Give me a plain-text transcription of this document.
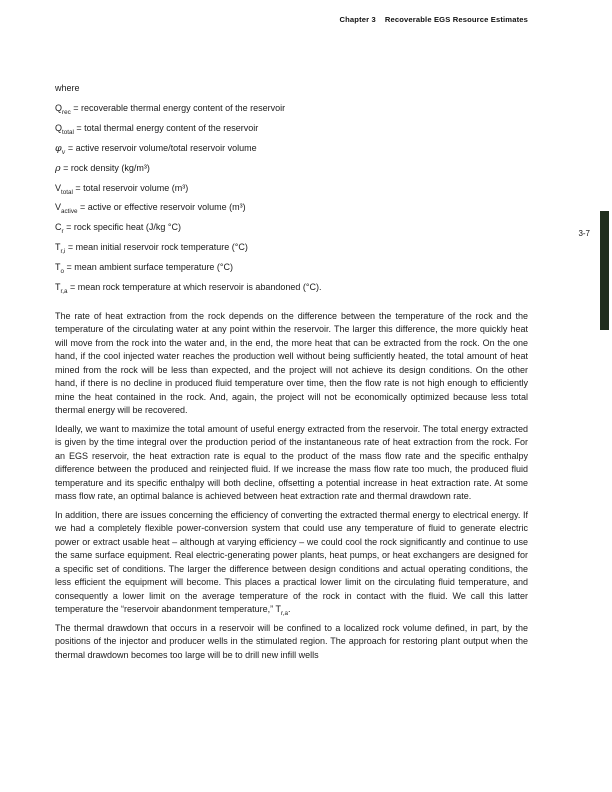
Chapter 3 Recoverable EGS Resource Estimates
3-7
where
$Q_{rec}$ = recoverable thermal energy content of the reservoir
$Q_{total}$ = total thermal energy content of the reservoir
$\varphi_v$ = active reservoir volume/total reservoir volume
ρ = rock density (kg/m³)
$V_{total}$ = total reservoir volume (m³)
$V_{active}$ = active or effective reservoir volume (m³)
$C_r$ = rock specific heat (J/kg °C)
$T_{r,i}$ = mean initial reservoir rock temperature (°C)
$T_o$ = mean ambient surface temperature (°C)
$T_{r,a}$ = mean rock temperature at which reservoir is abandoned (°C).

The rate of heat extraction from the rock depends on the difference between the temperature of the rock and the temperature of the circulating water at any point within the reservoir. The larger this difference, the more quickly heat will move from the rock into the water and, in the end, the more heat that can be extracted from the rock. On the one hand, if the cool injected water reaches the production well without being sufficiently heated, the total amount of heat mined from the rock will be less than expected, and the project will not achieve its design conditions. On the other hand, if there is no decline in produced fluid temperature over time, then the flow rate is not high enough to efficiently mine the heat contained in the rock. And, again, the project will not be economically optimized because less total thermal energy will be recovered.

Ideally, we want to maximize the total amount of useful energy extracted from the reservoir. The total energy extracted is given by the time integral over the production period of the instantaneous rate of heat extraction from the rock. For an EGS reservoir, the heat extraction rate is equal to the product of the mass flow rate and the specific enthalpy difference between the produced and reinjected fluid. If we increase the mass flow rate too much, the produced fluid temperature and its specific enthalpy will both decline, offsetting a potential increase in heat extraction rate. At some mass flow rate, an optimal balance is achieved between heat extraction rate and thermal drawdown rate.

In addition, there are issues concerning the efficiency of converting the extracted thermal energy to electrical energy. If we had a completely flexible power-conversion system that could use any temperature of fluid to generate electric power or extract usable heat – although at varying efficiency – we could cool the rock significantly and continue to use the same surface equipment. Real electric-generating power plants, heat pumps, or heat exchangers are designed for a specific set of conditions. The larger the difference between design conditions and actual operating conditions, the less efficient the equipment will become. This places a practical lower limit on the circulating fluid temperature, and consequently a lower limit on the average temperature of the rock in contact with the fluid. We call this latter temperature the “reservoir abandonment temperature,” $T_{r,a}$.

The thermal drawdown that occurs in a reservoir will be confined to a localized rock volume defined, in part, by the positions of the injector and producer wells in the stimulated region. The approach for restoring plant output when the thermal drawdown becomes too large will be to drill new infill wells
